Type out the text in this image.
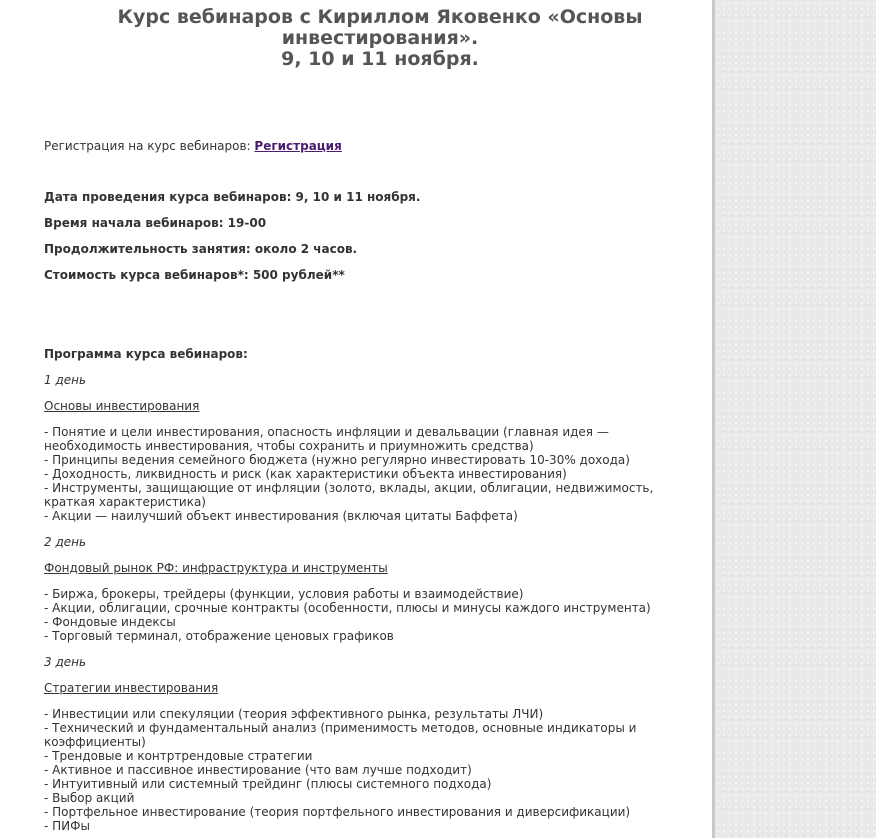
Курс вебинаров с Кириллом Яковенко «Основы
инвестирования».
9, 10 и 11 ноября.

Регистрация на курс вебинаров: Регистрация

Дата проведения курса вебинаров: 9, 10 и 11 ноября.

Время начала вебинаров: 19-00

Продолжительность занятия: около 2 часов.

Стоимость курса вебинаров*: 500 рублей**

Программа курса вебинаров:

1 день

Основы инвестирования

- Понятие и цели инвестирования, опасность инфляции и девальвации (главная идея — необходимость инвестирования, чтобы сохранить и приумножить средства)
- Принципы ведения семейного бюджета (нужно регулярно инвестировать 10-30% дохода)
- Доходность, ликвидность и риск (как характеристики объекта инвестирования)
- Инструменты, защищающие от инфляции (золото, вклады, акции, облигации, недвижимость, краткая характеристика)
- Акции — наилучший объект инвестирования (включая цитаты Баффета)

2 день

Фондовый рынок РФ: инфраструктура и инструменты

- Биржа, брокеры, трейдеры (функции, условия работы и взаимодействие)
- Акции, облигации, срочные контракты (особенности, плюсы и минусы каждого инструмента)
- Фондовые индексы
- Торговый терминал, отображение ценовых графиков

3 день

Стратегии инвестирования

- Инвестиции или спекуляции (теория эффективного рынка, результаты ЛЧИ)
- Технический и фундаментальный анализ (применимость методов, основные индикаторы и коэффициенты)
- Трендовые и контртрендовые стратегии
- Активное и пассивное инвестирование (что вам лучше подходит)
- Интуитивный или системный трейдинг (плюсы системного подхода)
- Выбор акций
- Портфельное инвестирование (теория портфельного инвестирования и диверсификации)
- ПИФы
